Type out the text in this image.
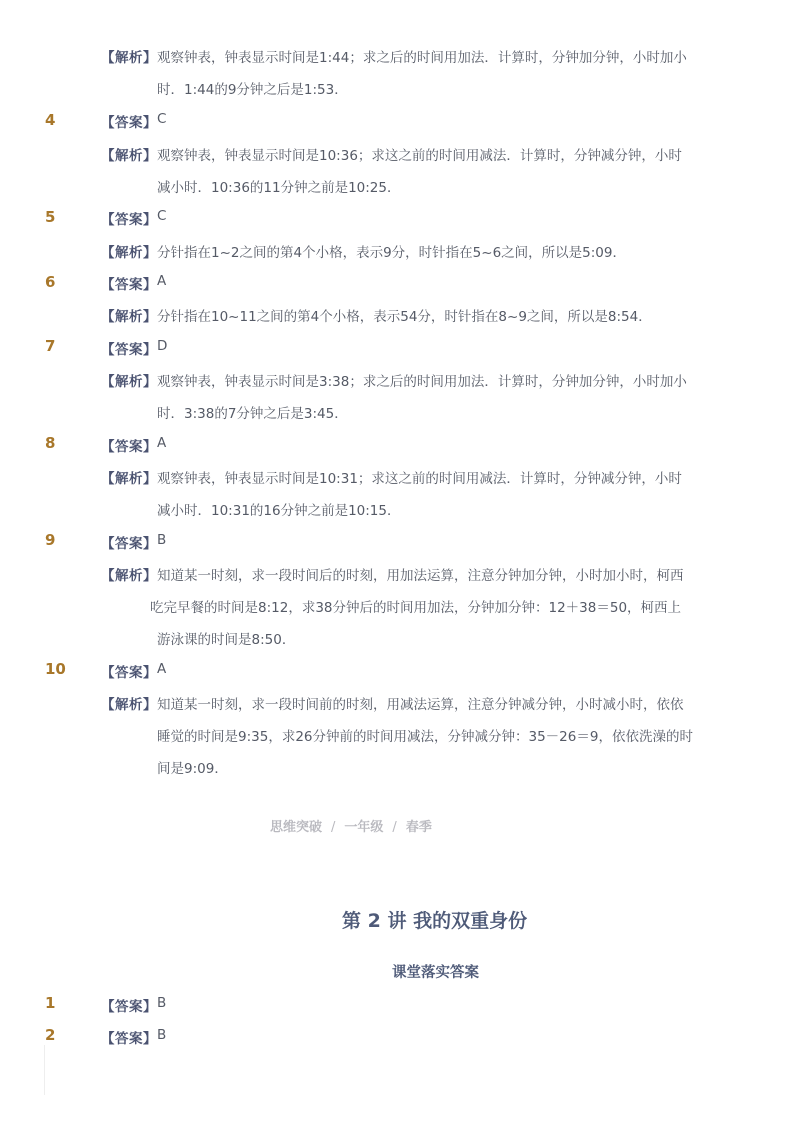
【解析】 观察钟表，钟表显示时间是1:44；求之后的时间用加法．计算时，分钟加分钟，小时加小
时．1:44的9分钟之后是1:53．
4	【答案】 C
【解析】 观察钟表，钟表显示时间是10:36；求这之前的时间用减法．计算时，分钟减分钟，小时
减小时．10:36的11分钟之前是10:25．
5	【答案】 C
【解析】 分针指在1~2之间的第4个小格，表示9分，时针指在5~6之间，所以是5:09．
6	【答案】 A
【解析】 分针指在10~11之间的第4个小格，表示54分，时针指在8~9之间，所以是8:54．
7	【答案】 D
【解析】 观察钟表，钟表显示时间是3:38；求之后的时间用加法．计算时，分钟加分钟，小时加小
时．3:38的7分钟之后是3:45．
8	【答案】 A
【解析】 观察钟表，钟表显示时间是10:31；求这之前的时间用减法．计算时，分钟减分钟，小时
减小时．10:31的16分钟之前是10:15．
9	【答案】 B
【解析】 知道某一时刻，求一段时间后的时刻，用加法运算，注意分钟加分钟，小时加小时，柯西
吃完早餐的时间是8:12，求38分钟后的时间用加法，分钟加分钟：12＋38＝50，柯西上
游泳课的时间是8:50．
10	【答案】 A
【解析】 知道某一时刻，求一段时间前的时刻，用减法运算，注意分钟减分钟，小时减小时，依依
睡觉的时间是9:35，求26分钟前的时间用减法，分钟减分钟：35－26＝9，依依洗澡的时
间是9:09．
思维突破 / 一年级 / 春季
第 2 讲 我的双重身份
课堂落实答案
1	【答案】 B
2	【答案】 B
